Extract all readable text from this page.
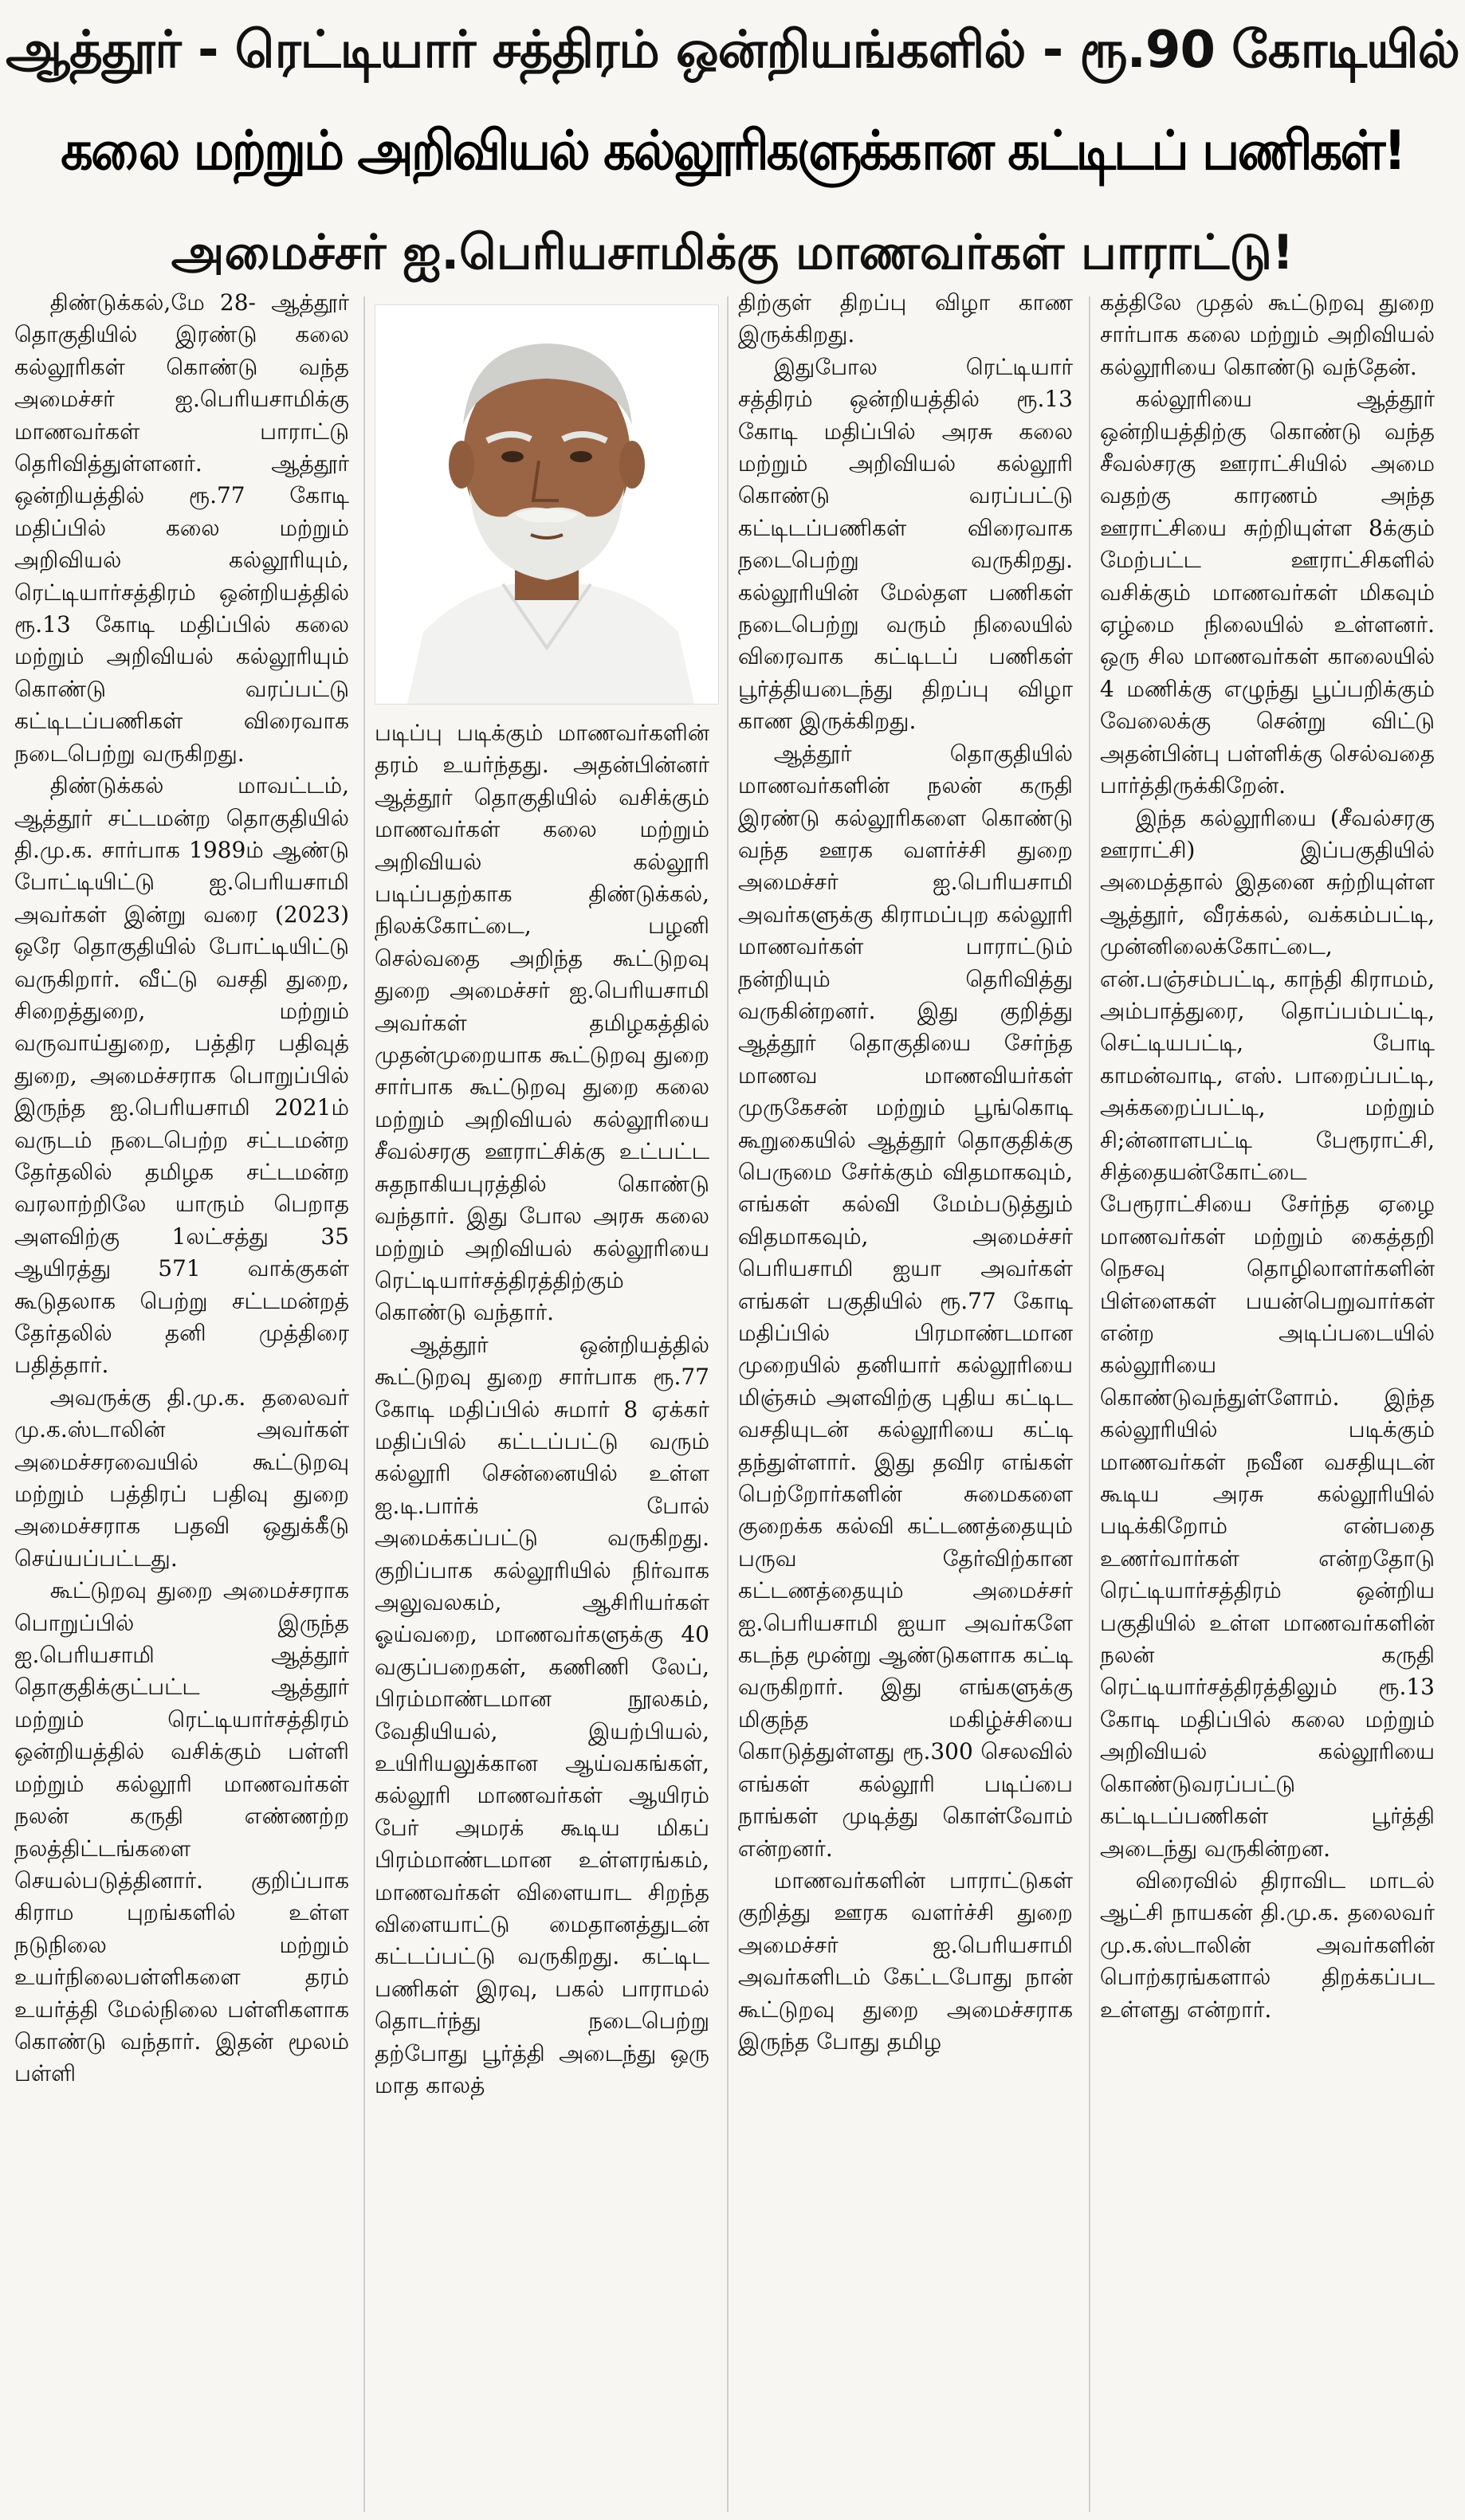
ஆத்தூர் - ரெட்டியார் சத்திரம் ஒன்றியங்களில் - ரூ.90 கோடியில்
கலை மற்றும் அறிவியல் கல்லூரிகளுக்கான கட்டிடப் பணிகள்!
அமைச்சர் ஐ.பெரியசாமிக்கு மாணவர்கள் பாராட்டு!

திண்டுக்கல்,மே 28- ஆத்தூர் தொகுதியில் இரண்டு கலை கல்லூரிகள் கொண்டு வந்த அமைச்சர் ஐ.பெரியசாமிக்கு மாணவர்கள் பாராட்டு தெரிவித்துள்ளனர். ஆத்தூர் ஒன்றியத்தில் ரூ.77 கோடி மதிப்பில் கலை மற்றும் அறிவியல் கல்லூரியும், ரெட்டியார்சத்திரம் ஒன்றியத்தில் ரூ.13 கோடி மதிப்பில் கலை மற்றும் அறிவியல் கல்லூரியும் கொண்டு வரப்பட்டு கட்டிடப்பணிகள் விரைவாக நடைபெற்று வருகிறது.

திண்டுக்கல் மாவட்டம், ஆத்தூர் சட்டமன்ற தொகுதியில் தி.மு.க. சார்பாக 1989ம் ஆண்டு போட்டியிட்டு ஐ.பெரியசாமி அவர்கள் இன்று வரை (2023) ஒரே தொகுதியில் போட்டியிட்டு வருகிறார். வீட்டு வசதி துறை, சிறைத்துறை, மற்றும் வருவாய்துறை, பத்திர பதிவுத் துறை, அமைச்சராக பொறுப்பில் இருந்த ஐ.பெரியசாமி 2021ம் வருடம் நடைபெற்ற சட்டமன்ற தேர்தலில் தமிழக சட்டமன்ற வரலாற்றிலே யாரும் பெறாத அளவிற்கு 1லட்சத்து 35 ஆயிரத்து 571 வாக்குகள் கூடுதலாக பெற்று சட்டமன்றத் தேர்தலில் தனி முத்திரை பதித்தார்.

அவருக்கு தி.மு.க. தலைவர் மு.க.ஸ்டாலின் அவர்கள் அமைச்சரவையில் கூட்டுறவு மற்றும் பத்திரப் பதிவு துறை அமைச்சராக பதவி ஒதுக்கீடு செய்யப்பட்டது.

கூட்டுறவு துறை அமைச்சராக பொறுப்பில் இருந்த ஐ.பெரியசாமி ஆத்தூர் தொகுதிக்குட்பட்ட ஆத்தூர் மற்றும் ரெட்டியார்சத்திரம் ஒன்றியத்தில் வசிக்கும் பள்ளி மற்றும் கல்லூரி மாணவர்கள் நலன் கருதி எண்ணற்ற நலத்திட்டங்களை செயல்படுத்தினார். குறிப்பாக கிராம புறங்களில் உள்ள நடுநிலை மற்றும் உயர்நிலைபள்ளிகளை தரம் உயர்த்தி மேல்நிலை பள்ளிகளாக கொண்டு வந்தார். இதன் மூலம் பள்ளி

படிப்பு படிக்கும் மாணவர்களின் தரம் உயர்ந்தது. அதன்பின்னர் ஆத்தூர் தொகுதியில் வசிக்கும் மாணவர்கள் கலை மற்றும் அறிவியல் கல்லூரி படிப்பதற்காக திண்டுக்கல், நிலக்கோட்டை, பழனி செல்வதை அறிந்த கூட்டுறவு துறை அமைச்சர் ஐ.பெரியசாமி அவர்கள் தமிழகத்தில் முதன்முறையாக கூட்டுறவு துறை சார்பாக கூட்டுறவு துறை கலை மற்றும் அறிவியல் கல்லூரியை சீவல்சரகு ஊராட்சிக்கு உட்பட்ட சுதநாகியபுரத்தில் கொண்டு வந்தார். இது போல அரசு கலை மற்றும் அறிவியல் கல்லூரியை ரெட்டியார்சத்திரத்திற்கும் கொண்டு வந்தார்.

ஆத்தூர் ஒன்றியத்தில் கூட்டுறவு துறை சார்பாக ரூ.77 கோடி மதிப்பில் சுமார் 8 ஏக்கர் மதிப்பில் கட்டப்பட்டு வரும் கல்லூரி சென்னையில் உள்ள ஐ.டி.பார்க் போல் அமைக்கப்பட்டு வருகிறது. குறிப்பாக கல்லூரியில் நிர்வாக அலுவலகம், ஆசிரியர்கள் ஓய்வறை, மாணவர்களுக்கு 40 வகுப்பறைகள், கணிணி லேப், பிரம்மாண்டமான நூலகம், வேதியியல், இயற்பியல், உயிரியலுக்கான ஆய்வகங்கள், கல்லூரி மாணவர்கள் ஆயிரம் பேர் அமரக் கூடிய மிகப் பிரம்மாண்டமான உள்ளரங்கம், மாணவர்கள் விளையாட சிறந்த விளையாட்டு மைதானத்துடன் கட்டப்பட்டு வருகிறது. கட்டிட பணிகள் இரவு, பகல் பாராமல் தொடர்ந்து நடைபெற்று தற்போது பூர்த்தி அடைந்து ஒரு மாத காலத்

திற்குள் திறப்பு விழா காண இருக்கிறது.

இதுபோல ரெட்டியார் சத்திரம் ஒன்றியத்தில் ரூ.13 கோடி மதிப்பில் அரசு கலை மற்றும் அறிவியல் கல்லூரி கொண்டு வரப்பட்டு கட்டிடப்பணிகள் விரைவாக நடைபெற்று வருகிறது. கல்லூரியின் மேல்தள பணிகள் நடைபெற்று வரும் நிலையில் விரைவாக கட்டிடப் பணிகள் பூர்த்தியடைந்து திறப்பு விழா காண இருக்கிறது.

ஆத்தூர் தொகுதியில் மாணவர்களின் நலன் கருதி இரண்டு கல்லூரிகளை கொண்டு வந்த ஊரக வளர்ச்சி துறை அமைச்சர் ஐ.பெரியசாமி அவர்களுக்கு கிராமப்புற கல்லூரி மாணவர்கள் பாராட்டும் நன்றியும் தெரிவித்து வருகின்றனர். இது குறித்து ஆத்தூர் தொகுதியை சேர்ந்த மாணவ மாணவியர்கள் முருகேசன் மற்றும் பூங்கொடி கூறுகையில் ஆத்தூர் தொகுதிக்கு பெருமை சேர்க்கும் விதமாகவும், எங்கள் கல்வி மேம்படுத்தும் விதமாகவும், அமைச்சர் பெரியசாமி ஐயா அவர்கள் எங்கள் பகுதியில் ரூ.77 கோடி மதிப்பில் பிரமாண்டமான முறையில் தனியார் கல்லூரியை மிஞ்சும் அளவிற்கு புதிய கட்டிட வசதியுடன் கல்லூரியை கட்டி தந்துள்ளார். இது தவிர எங்கள் பெற்றோர்களின் சுமைகளை குறைக்க கல்வி கட்டணத்தையும் பருவ தேர்விற்கான கட்டணத்தையும் அமைச்சர் ஐ.பெரியசாமி ஐயா அவர்களே கடந்த மூன்று ஆண்டுகளாக கட்டி வருகிறார். இது எங்களுக்கு மிகுந்த மகிழ்ச்சியை கொடுத்துள்ளது ரூ.300 செலவில் எங்கள் கல்லூரி படிப்பை நாங்கள் முடித்து கொள்வோம் என்றனர்.

மாணவர்களின் பாராட்டுகள் குறித்து ஊரக வளர்ச்சி துறை அமைச்சர் ஐ.பெரியசாமி அவர்களிடம் கேட்டபோது நான் கூட்டுறவு துறை அமைச்சராக இருந்த போது தமிழ

கத்திலே முதல் கூட்டுறவு துறை சார்பாக கலை மற்றும் அறிவியல் கல்லூரியை கொண்டு வந்தேன்.

கல்லூரியை ஆத்தூர் ஒன்றியத்திற்கு கொண்டு வந்த சீவல்சரகு ஊராட்சியில் அமை வதற்கு காரணம் அந்த ஊராட்சியை சுற்றியுள்ள 8க்கும் மேற்பட்ட ஊராட்சிகளில் வசிக்கும் மாணவர்கள் மிகவும் ஏழ்மை நிலையில் உள்ளனர். ஒரு சில மாணவர்கள் காலையில் 4 மணிக்கு எழுந்து பூப்பறிக்கும் வேலைக்கு சென்று விட்டு அதன்பின்பு பள்ளிக்கு செல்வதை பார்த்திருக்கிறேன்.

இந்த கல்லூரியை (சீவல்சரகு ஊராட்சி) இப்பகுதியில் அமைத்தால் இதனை சுற்றியுள்ள ஆத்தூர், வீரக்கல், வக்கம்பட்டி, முன்னிலைக்கோட்டை, என்.பஞ்சம்பட்டி, காந்தி கிராமம், அம்பாத்துரை, தொப்பம்பட்டி, செட்டியபட்டி, போடி காமன்வாடி, எஸ். பாறைப்பட்டி, அக்கறைப்பட்டி, மற்றும் சி;ன்னாளபட்டி பேரூராட்சி, சித்தையன்கோட்டை பேரூராட்சியை சேர்ந்த ஏழை மாணவர்கள் மற்றும் கைத்தறி நெசவு தொழிலாளர்களின் பிள்ளைகள் பயன்பெறுவார்கள் என்ற அடிப்படையில் கல்லூரியை கொண்டுவந்துள்ளோம். இந்த கல்லூரியில் படிக்கும் மாணவர்கள் நவீன வசதியுடன் கூடிய அரசு கல்லூரியில் படிக்கிறோம் என்பதை உணர்வார்கள் என்றதோடு ரெட்டியார்சத்திரம் ஒன்றிய பகுதியில் உள்ள மாணவர்களின் நலன் கருதி ரெட்டியார்சத்திரத்திலும் ரூ.13 கோடி மதிப்பில் கலை மற்றும் அறிவியல் கல்லூரியை கொண்டுவரப்பட்டு கட்டிடப்பணிகள் பூர்த்தி அடைந்து வருகின்றன.

விரைவில் திராவிட மாடல் ஆட்சி நாயகன் தி.மு.க. தலைவர் மு.க.ஸ்டாலின் அவர்களின் பொற்கரங்களால் திறக்கப்பட உள்ளது என்றார்.
